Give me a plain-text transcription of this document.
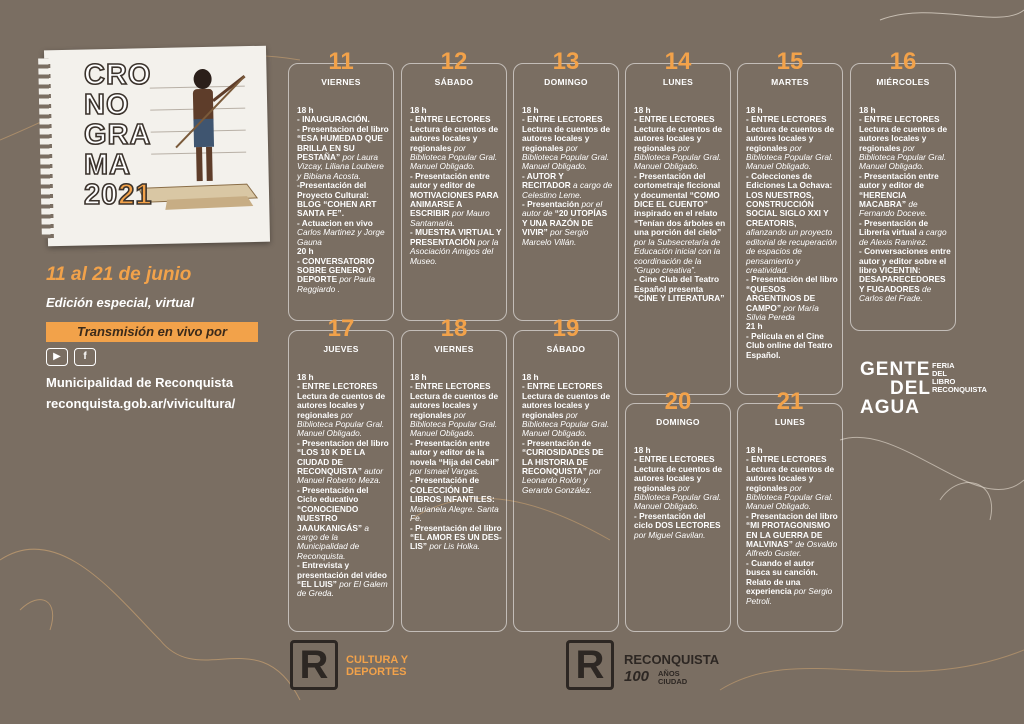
CRO
NO
GRA
MA
2021
11 al 21 de junio
Edición especial, virtual
Transmisión en vivo por
▶	f
Municipalidad de Reconquista
reconquista.gob.ar/vivicultura/
11
VIERNES
18 h
- INAUGURACIÓN.
- Presentacion del libro “ESA HUMEDAD QUE BRILLA EN SU PESTAÑA” por Laura Vizcay, Liliana Loubiere y Bibiana Acosta.
-Presentación del Proyecto Cultural: BLOG “COHEN ART SANTA FE”.
- Actuacion en vivo Carlos Martinez y Jorge Gauna
20 h
- CONVERSATORIO SOBRE GENERO Y DEPORTE por Paula Reggiardo .
12
SÁBADO
18 h
- ENTRE LECTORES Lectura de cuentos de autores locales y regionales por Biblioteca Popular Gral. Manuel Obligado.
- Presentación entre autor y editor de MOTIVACIONES PARA ANIMARSE A ESCRIBIR por Mauro Santamaria.
- MUESTRA VIRTUAL Y PRESENTACIÓN por la Asociación Amigos del Museo.
13
DOMINGO
18 h
- ENTRE LECTORES Lectura de cuentos de autores locales y regionales por Biblioteca Popular Gral. Manuel Obligado.
- AUTOR Y RECITADOR a cargo de Celestino Leme.
- Presentación por el autor de “20 UTOPÍAS Y UNA RAZÓN DE VIVIR” por Sergio Marcelo Villán.
14
LUNES
18 h
- ENTRE LECTORES Lectura de cuentos de autores locales y regionales por Biblioteca Popular Gral. Manuel Obligado.
- Presentación del cortometraje ficcional y documental “COMO DICE EL CUENTO” inspirado en el relato “Tenían dos árboles en una porción del cielo” por la Subsecretaría de Educación inicial con la coordinación de la “Grupo creativa”.
- Cine Club del Teatro Español presenta “CINE Y LITERATURA”
15
MARTES
18 h
- ENTRE LECTORES Lectura de cuentos de autores locales y regionales por Biblioteca Popular Gral. Manuel Obligado.
- Colecciones de Ediciones La Ochava: LOS NUESTROS, CONSTRUCCIÓN SOCIAL SIGLO XXI Y CREATORIS, afianzando un proyecto editorial de recuperación de espacios de pensamiento y creatividad.
- Presentación del libro “QUESOS ARGENTINOS DE CAMPO” por María Silvia Pereda
21 h
- Película en el Cine Club online del Teatro Español.
16
MIÉRCOLES
18 h
- ENTRE LECTORES Lectura de cuentos de autores locales y regionales por Biblioteca Popular Gral. Manuel Obligado.
- Presentación entre autor y editor de “HERENCIA MACABRA” de Fernando Doceve.
- Presentación de Librería virtual a cargo de Alexis Ramirez.
- Conversaciones entre autor y editor sobre el libro VICENTIN: DESAPARECEDORES Y FUGADORES de Carlos del Frade.
17
JUEVES
18 h
- ENTRE LECTORES Lectura de cuentos de autores locales y regionales por Biblioteca Popular Gral. Manuel Obligado.
- Presentacion del libro “LOS 10 K DE LA CIUDAD DE RECONQUISTA” autor Manuel Roberto Meza.
- Presentación del Ciclo educativo “CONOCIENDO NUESTRO JAAUKANIGÁS” a cargo de la Municipalidad de Reconquista.
- Entrevista y presentación del video “EL LUIS” por El Galem de Greda.
18
VIERNES
18 h
- ENTRE LECTORES Lectura de cuentos de autores locales y regionales por Biblioteca Popular Gral. Manuel Obligado.
- Presentación entre autor y editor de la novela “Hija del Cebil” por Ismael Vargas.
- Presentación de COLECCIÓN DE LIBROS INFANTILES: Marianela Alegre. Santa Fe.
- Presentación del libro “EL AMOR ES UN DES-LIS” por Lis Holka.
19
SÁBADO
18 h
- ENTRE LECTORES Lectura de cuentos de autores locales y regionales por Biblioteca Popular Gral. Manuel Obligado.
- Presentación de “CURIOSIDADES DE LA HISTORIA DE RECONQUISTA” por Leonardo Rolón y Gerardo González.
20
DOMINGO
18 h
- ENTRE LECTORES Lectura de cuentos de autores locales y regionales por Biblioteca Popular Gral. Manuel Obligado.
- Presentación del ciclo DOS LECTORES por Miguel Gavilan.
21
LUNES
18 h
- ENTRE LECTORES Lectura de cuentos de autores locales y regionales por Biblioteca Popular Gral. Manuel Obligado.
- Presentacion del libro “MI PROTAGONISMO EN LA GUERRA DE MALVINAS” de Osvaldo Alfredo Guster.
- Cuando el autor busca su canción. Relato de una experiencia por Sergio Petroli.
GENTE
DEL
AGUA
FERIA
DEL
LIBRO
RECONQUISTA
R	CULTURA Y
DEPORTES	R	RECONQUISTA
100 AÑOS
CIUDAD
